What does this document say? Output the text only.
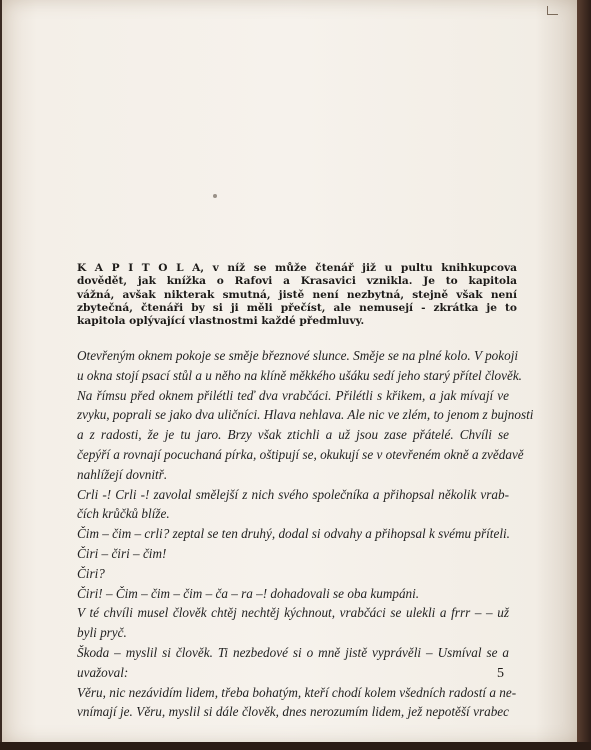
K A P I T O L A, v níž se může čtenář již u pultu knihkupcova
dovědět, jak knížka o Rafovi a Krasavici vznikla. Je to kapitola
vážná, avšak nikterak smutná, jistě není nezbytná, stejně však není
zbytečná, čtenáři by si ji měli přečíst, ale nemusejí - zkrátka je to
kapitola oplývající vlastnostmi každé předmluvy.
Otevřeným oknem pokoje se směje březnové slunce. Směje se na plné kolo. V pokoji
u okna stojí psací stůl a u něho na klíně měkkého ušáku sedí jeho starý přítel člověk.
Na římsu před oknem přilétli teď dva vrabčáci. Přilétli s křikem, a jak mívají ve
zvyku, poprali se jako dva uličníci. Hlava nehlava. Ale nic ve zlém, to jenom z bujnosti
a z radosti, že je tu jaro. Brzy však ztichli a už jsou zase přátelé. Chvíli se
čepýří a rovnají pocuchaná pírka, oštipují se, okukují se v otevřeném okně a zvědavě
nahlížejí dovnitř.
Crli -! Crli -! zavolal smělejší z nich svého společníka a přihopsal několik vrab-
čích krůčků blíže.
Čim – čim – crli? zeptal se ten druhý, dodal si odvahy a přihopsal k svému příteli.
Čiri – čiri – čim!
Čiri?
Čiri! – Čim – čim – čim – ča – ra –! dohadovali se oba kumpáni.
V té chvíli musel člověk chtěj nechtěj kýchnout, vrabčáci se ulekli a frrr – – už
byli pryč.
Škoda – myslil si člověk. Ti nezbedové si o mně jistě vyprávěli – Usmíval se a
uvažoval:
Věru, nic nezávidím lidem, třeba bohatým, kteří chodí kolem všedních radostí a ne-
vnímají je. Věru, myslil si dále člověk, dnes nerozumím lidem, jež nepotěší vrabec
5
